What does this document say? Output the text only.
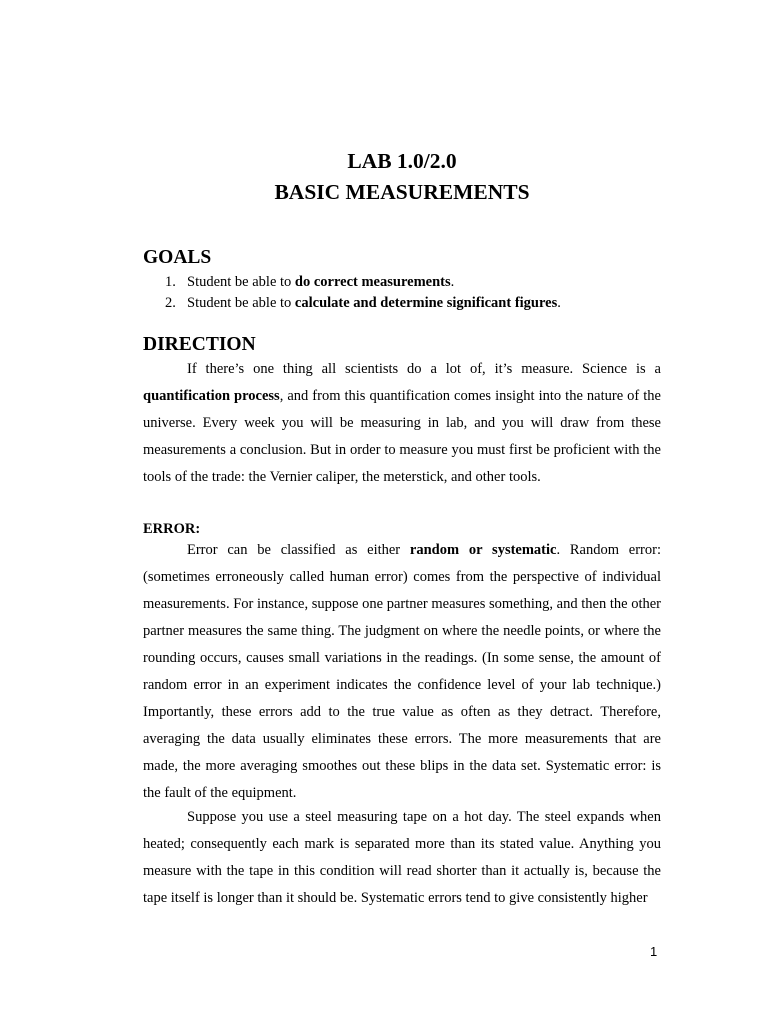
LAB 1.0/2.0
BASIC MEASUREMENTS
GOALS
1. Student be able to do correct measurements.
2. Student be able to calculate and determine significant figures.
DIRECTION

If there’s one thing all scientists do a lot of, it’s measure. Science is a quantification process, and from this quantification comes insight into the nature of the universe. Every week you will be measuring in lab, and you will draw from these measurements a conclusion. But in order to measure you must first be proficient with the tools of the trade: the Vernier caliper, the meterstick, and other tools.

ERROR:

Error can be classified as either random or systematic. Random error: (sometimes erroneously called human error) comes from the perspective of individual measurements. For instance, suppose one partner measures something, and then the other partner measures the same thing. The judgment on where the needle points, or where the rounding occurs, causes small variations in the readings. (In some sense, the amount of random error in an experiment indicates the confidence level of your lab technique.) Importantly, these errors add to the true value as often as they detract. Therefore, averaging the data usually eliminates these errors. The more measurements that are made, the more averaging smoothes out these blips in the data set. Systematic error: is the fault of the equipment.

Suppose you use a steel measuring tape on a hot day. The steel expands when heated; consequently each mark is separated more than its stated value. Anything you measure with the tape in this condition will read shorter than it actually is, because the tape itself is longer than it should be. Systematic errors tend to give consistently higher

1
